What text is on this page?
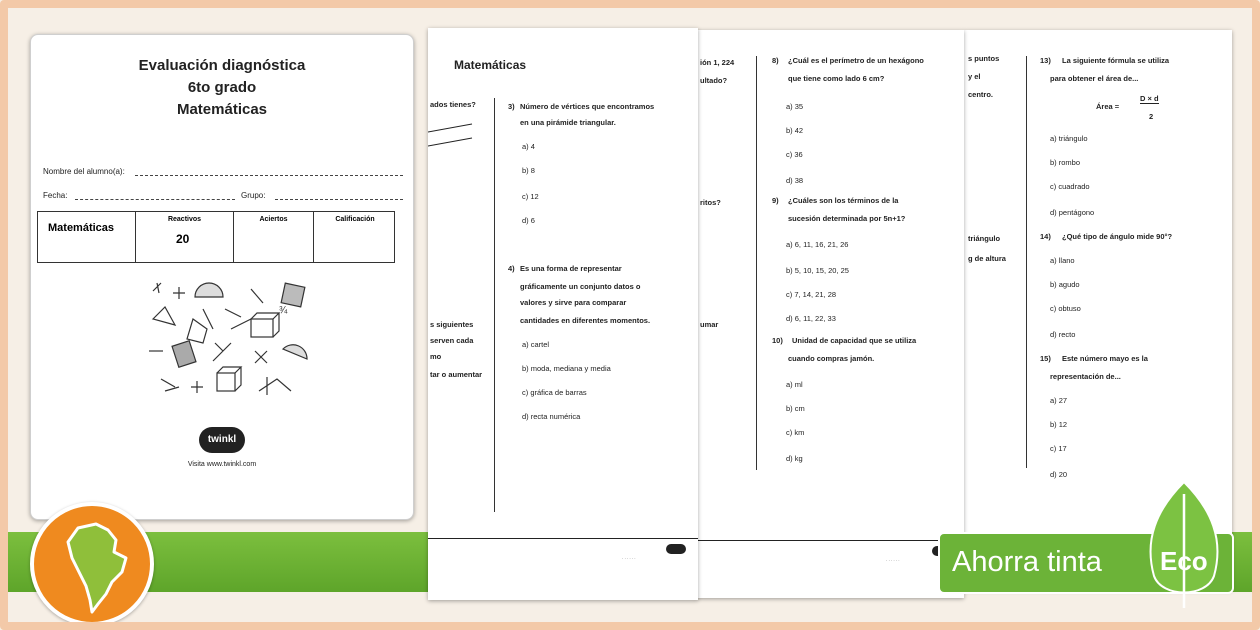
s puntos
y el
centro.
triángulo
g de altura
13) La siguiente fórmula se utiliza
para obtener el área de...
Área =
D × d
2
a) triángulo
b) rombo
c) cuadrado
d) pentágono
14) ¿Qué tipo de ángulo mide 90°?
a) llano
b) agudo
c) obtuso
d) recto
15) Este número mayo es la
representación de...
a) 27
b) 12
c) 17
d) 20
ión 1, 224
ultado?
ritos?
umar
8) ¿Cuál es el perímetro de un hexágono
que tiene como lado 6 cm?
a) 35
b) 42
c) 36
d) 38
9) ¿Cuáles son los términos de la
sucesión determinada por 5n+1?
a) 6, 11, 16, 21, 26
b) 5, 10, 15, 20, 25
c) 7, 14, 21, 28
d) 6, 11, 22, 33
10) Unidad de capacidad que se utiliza
cuando compras jamón.
a) ml
b) cm
c) km
d) kg
· · · · · ·
Matemáticas
ados tienes?
s siguientes
serven cada
mo
tar o aumentar
3) Número de vértices que encontramos
en una pirámide triangular.
a) 4
b) 8
c) 12
d) 6
4) Es una forma de representar
gráficamente un conjunto datos o
valores y sirve para comparar
cantidades en diferentes momentos.
a) cartel
b) moda, mediana y media
c) gráfica de barras
d) recta numérica
· · · · · ·
Evaluación diagnóstica
6to grado
Matemáticas
Nombre del alumno(a):
Fecha:	Grupo:
Matemáticas
Reactivos
20
Aciertos	Calificación
¾
twinkl
Visita www.twinkl.com
Ahorra tinta Eco
